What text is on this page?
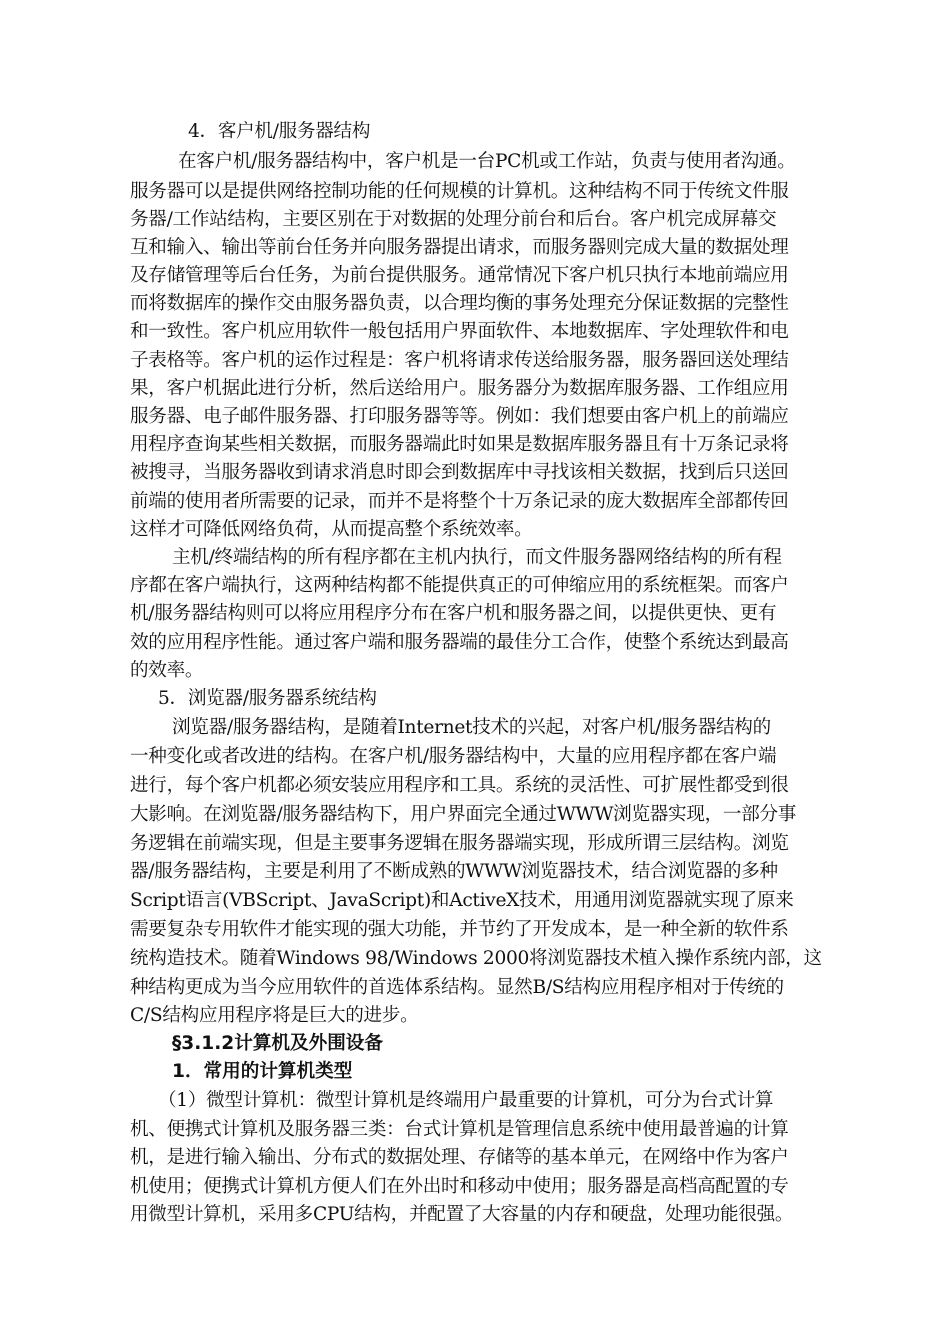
4．客户机/服务器结构
在客户机/服务器结构中，客户机是一台PC机或工作站，负责与使用者沟通。
服务器可以是提供网络控制功能的任何规模的计算机。这种结构不同于传统文件服
务器/工作站结构，主要区别在于对数据的处理分前台和后台。客户机完成屏幕交
互和输入、输出等前台任务并向服务器提出请求，而服务器则完成大量的数据处理
及存储管理等后台任务，为前台提供服务。通常情况下客户机只执行本地前端应用
而将数据库的操作交由服务器负责，以合理均衡的事务处理充分保证数据的完整性
和一致性。客户机应用软件一般包括用户界面软件、本地数据库、字处理软件和电
子表格等。客户机的运作过程是：客户机将请求传送给服务器，服务器回送处理结
果，客户机据此进行分析，然后送给用户。服务器分为数据库服务器、工作组应用
服务器、电子邮件服务器、打印服务器等等。例如：我们想要由客户机上的前端应
用程序查询某些相关数据，而服务器端此时如果是数据库服务器且有十万条记录将
被搜寻，当服务器收到请求消息时即会到数据库中寻找该相关数据，找到后只送回
前端的使用者所需要的记录，而并不是将整个十万条记录的庞大数据库全部都传回
这样才可降低网络负荷，从而提高整个系统效率。
主机/终端结构的所有程序都在主机内执行，而文件服务器网络结构的所有程
序都在客户端执行，这两种结构都不能提供真正的可伸缩应用的系统框架。而客户
机/服务器结构则可以将应用程序分布在客户机和服务器之间，以提供更快、更有
效的应用程序性能。通过客户端和服务器端的最佳分工合作，使整个系统达到最高
的效率。
5．浏览器/服务器系统结构
浏览器/服务器结构，是随着Internet技术的兴起，对客户机/服务器结构的
一种变化或者改进的结构。在客户机/服务器结构中，大量的应用程序都在客户端
进行，每个客户机都必须安装应用程序和工具。系统的灵活性、可扩展性都受到很
大影响。在浏览器/服务器结构下，用户界面完全通过WWW浏览器实现，一部分事
务逻辑在前端实现，但是主要事务逻辑在服务器端实现，形成所谓三层结构。浏览
器/服务器结构，主要是利用了不断成熟的WWW浏览器技术，结合浏览器的多种
Script语言(VBScript、JavaScript)和ActiveX技术，用通用浏览器就实现了原来
需要复杂专用软件才能实现的强大功能，并节约了开发成本，是一种全新的软件系
统构造技术。随着Windows 98/Windows 2000将浏览器技术植入操作系统内部，这
种结构更成为当今应用软件的首选体系结构。显然B/S结构应用程序相对于传统的
C/S结构应用程序将是巨大的进步。
§3.1.2计算机及外围设备
1．常用的计算机类型
（1）微型计算机：微型计算机是终端用户最重要的计算机，可分为台式计算
机、便携式计算机及服务器三类：台式计算机是管理信息系统中使用最普遍的计算
机，是进行输入输出、分布式的数据处理、存储等的基本单元，在网络中作为客户
机使用；便携式计算机方便人们在外出时和移动中使用；服务器是高档高配置的专
用微型计算机，采用多CPU结构，并配置了大容量的内存和硬盘，处理功能很强。
